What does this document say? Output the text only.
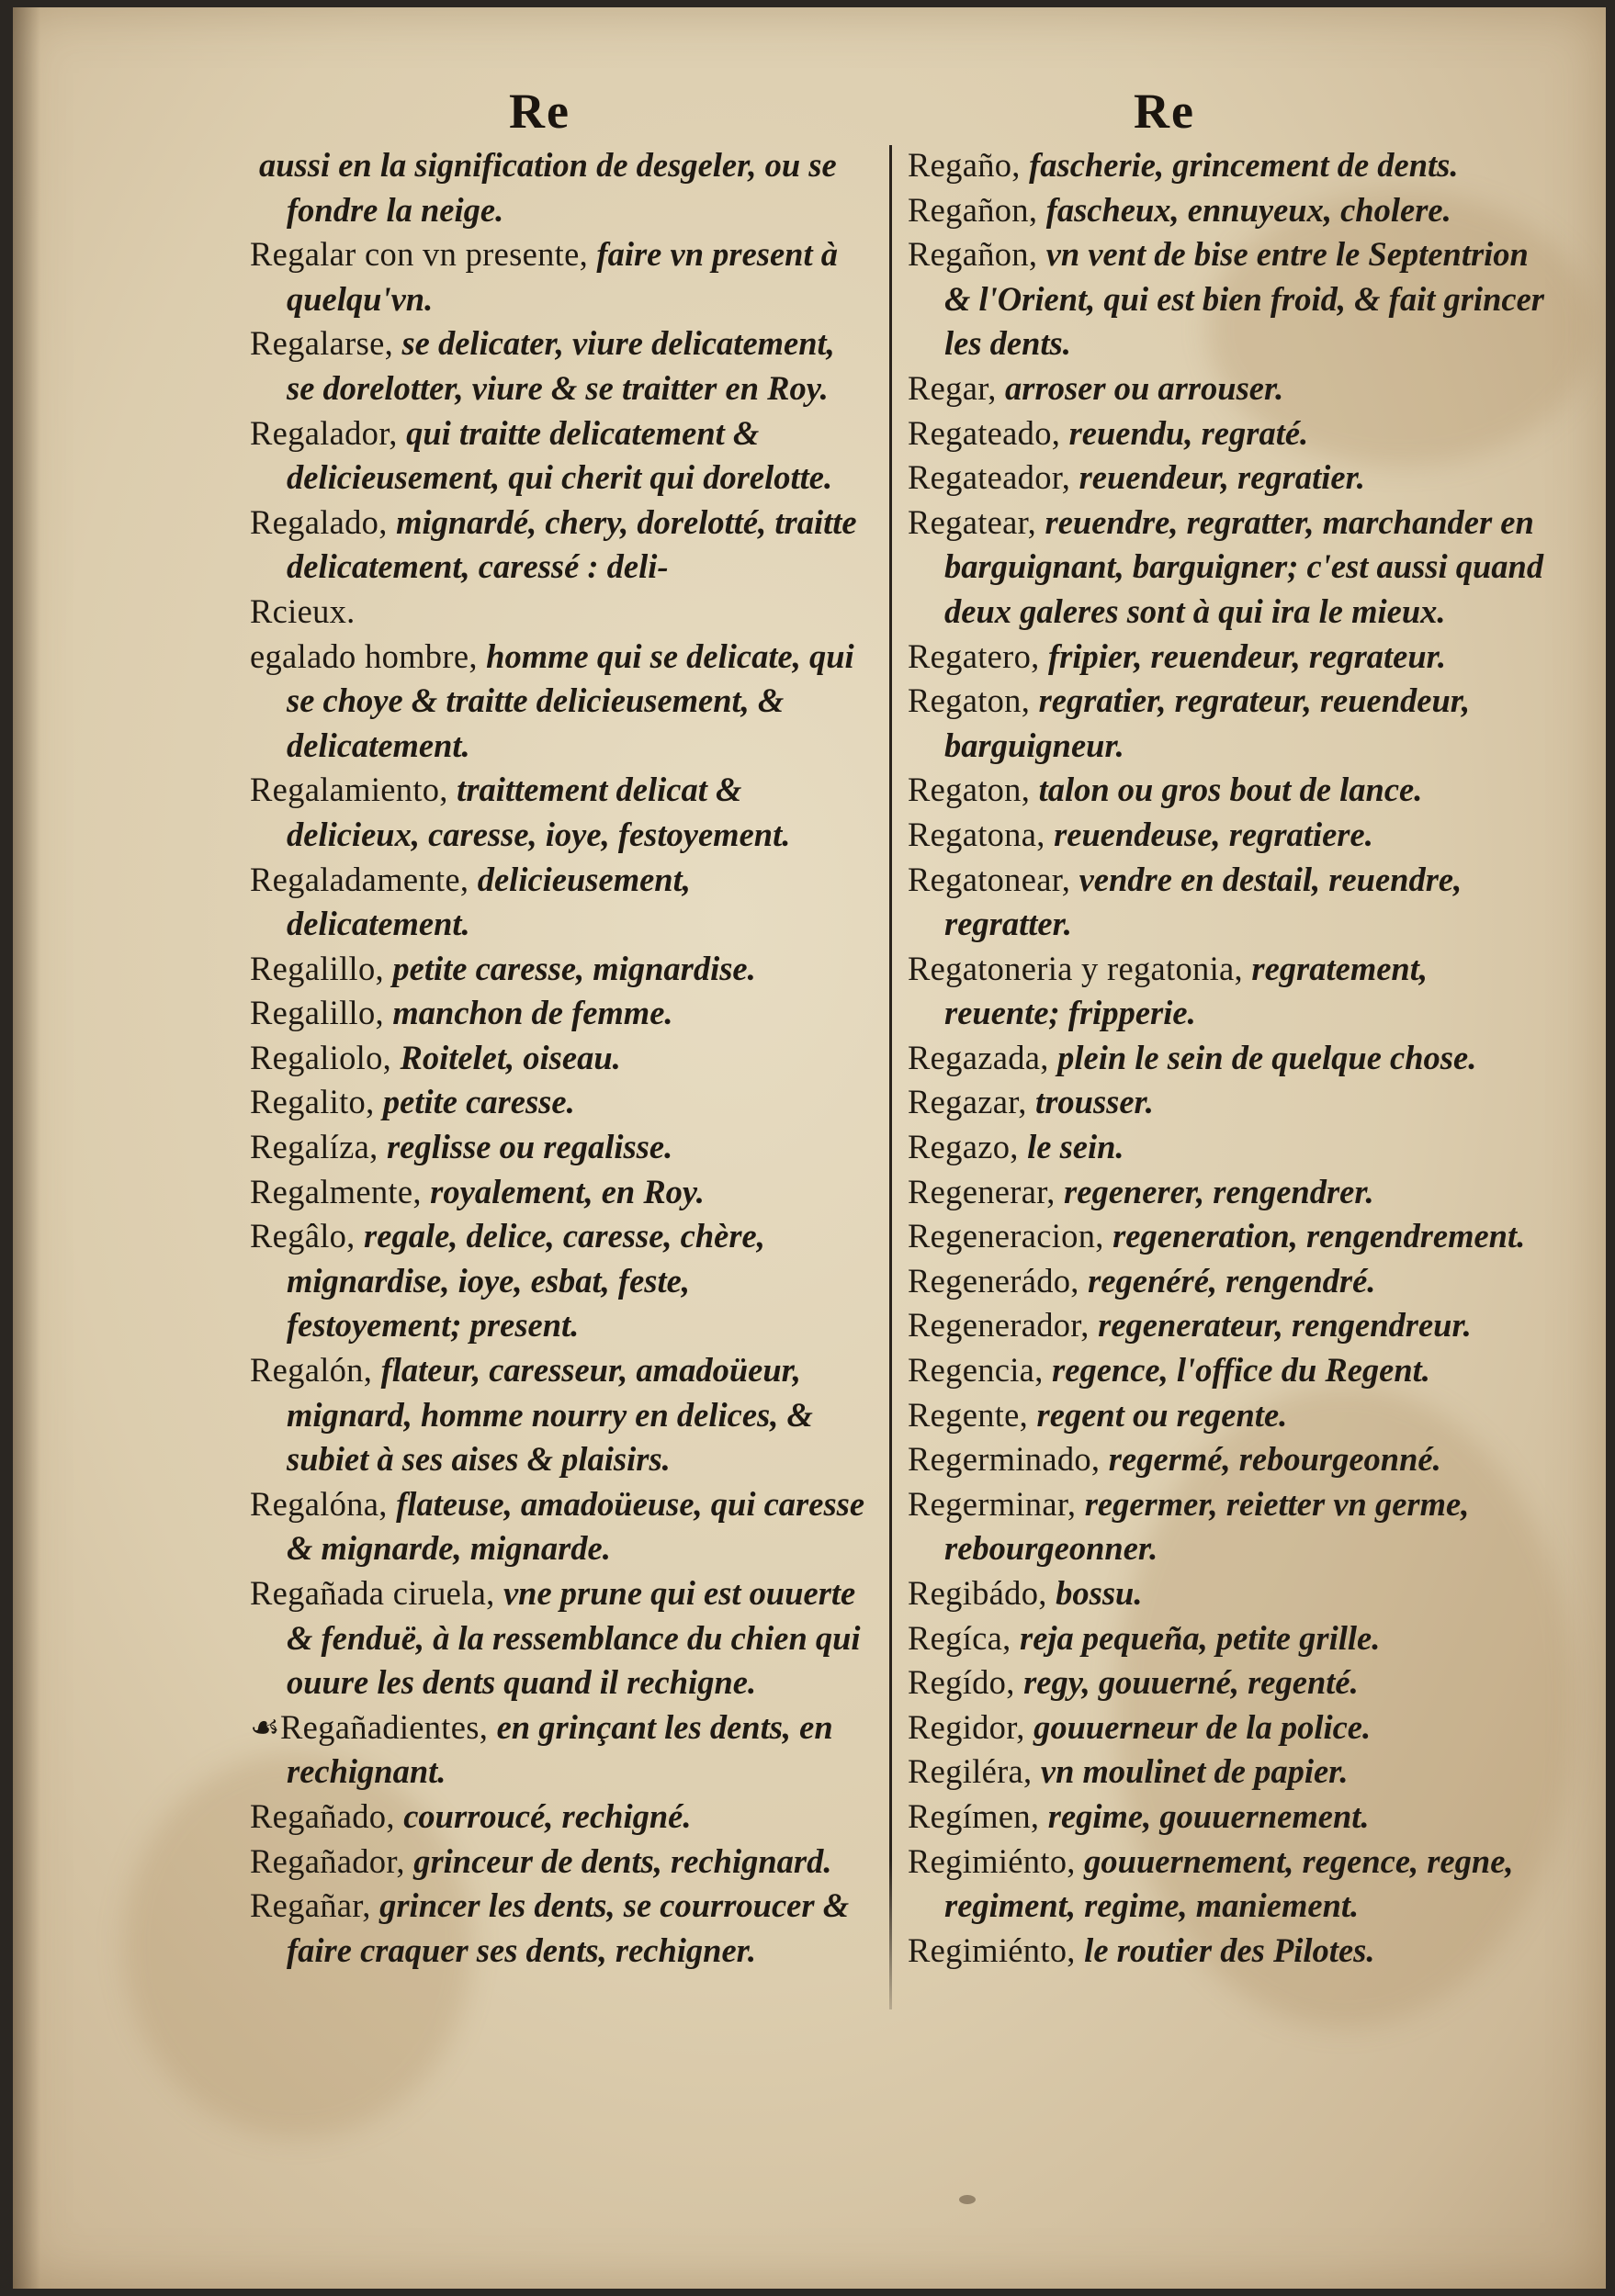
Re	Re
aussi en la signification de desgeler, ou se fondre la neige.
Regalar con vn presente, faire vn present à quelqu'vn.
Regalarse, se delicater, viure delicatement, se dorelotter, viure & se traitter en Roy.
Regalador, qui traitte delicatement & delicieusement, qui cherit qui dorelotte.
Regalado, mignardé, chery, dorelotté, traitte delicatement, caressé : deli-
Rcieux.
egalado hombre, homme qui se delicate, qui se choye & traitte delicieusement, & delicatement.
Regalamiento, traittement delicat & delicieux, caresse, ioye, festoyement.
Regaladamente, delicieusement, delicatement.
Regalillo, petite caresse, mignardise.
Regalillo, manchon de femme.
Regaliolo, Roitelet, oiseau.
Regalito, petite caresse.
Regalíza, reglisse ou regalisse.
Regalmente, royalement, en Roy.
Regâlo, regale, delice, caresse, chère, mignardise, ioye, esbat, feste, festoyement; present.
Regalón, flateur, caresseur, amadoüeur, mignard, homme nourry en delices, & subiet à ses aises & plaisirs.
Regalóna, flateuse, amadoüeuse, qui caresse & mignarde, mignarde.
Regañada ciruela, vne prune qui est ouuerte & fenduë, à la ressemblance du chien qui ouure les dents quand il rechigne.
☙Regañadientes, en grinçant les dents, en rechignant.
Regañado, courroucé, rechigné.
Regañador, grinceur de dents, rechignard.
Regañar, grincer les dents, se courroucer & faire craquer ses dents, rechigner.
Regaño, fascherie, grincement de dents.
Regañon, fascheux, ennuyeux, cholere.
Regañon, vn vent de bise entre le Septentrion & l'Orient, qui est bien froid, & fait grincer les dents.
Regar, arroser ou arrouser.
Regateado, reuendu, regraté.
Regateador, reuendeur, regratier.
Regatear, reuendre, regratter, marchander en barguignant, barguigner; c'est aussi quand deux galeres sont à qui ira le mieux.
Regatero, fripier, reuendeur, regrateur.
Regaton, regratier, regrateur, reuendeur, barguigneur.
Regaton, talon ou gros bout de lance.
Regatona, reuendeuse, regratiere.
Regatonear, vendre en destail, reuendre, regratter.
Regatoneria y regatonia, regratement, reuente; fripperie.
Regazada, plein le sein de quelque chose.
Regazar, trousser.
Regazo, le sein.
Regenerar, regenerer, rengendrer.
Regeneracion, regeneration, rengendrement.
Regenerádo, regenéré, rengendré.
Regenerador, regenerateur, rengendreur.
Regencia, regence, l'office du Regent.
Regente, regent ou regente.
Regerminado, regermé, rebourgeonné.
Regerminar, regermer, reietter vn germe, rebourgeonner.
Regibádo, bossu.
Regíca, reja pequeña, petite grille.
Regído, regy, gouuerné, regenté.
Regidor, gouuerneur de la police.
Regiléra, vn moulinet de papier.
Regímen, regime, gouuernement.
Regimiénto, gouuernement, regence, regne, regiment, regime, maniement.
Regimiénto, le routier des Pilotes.
